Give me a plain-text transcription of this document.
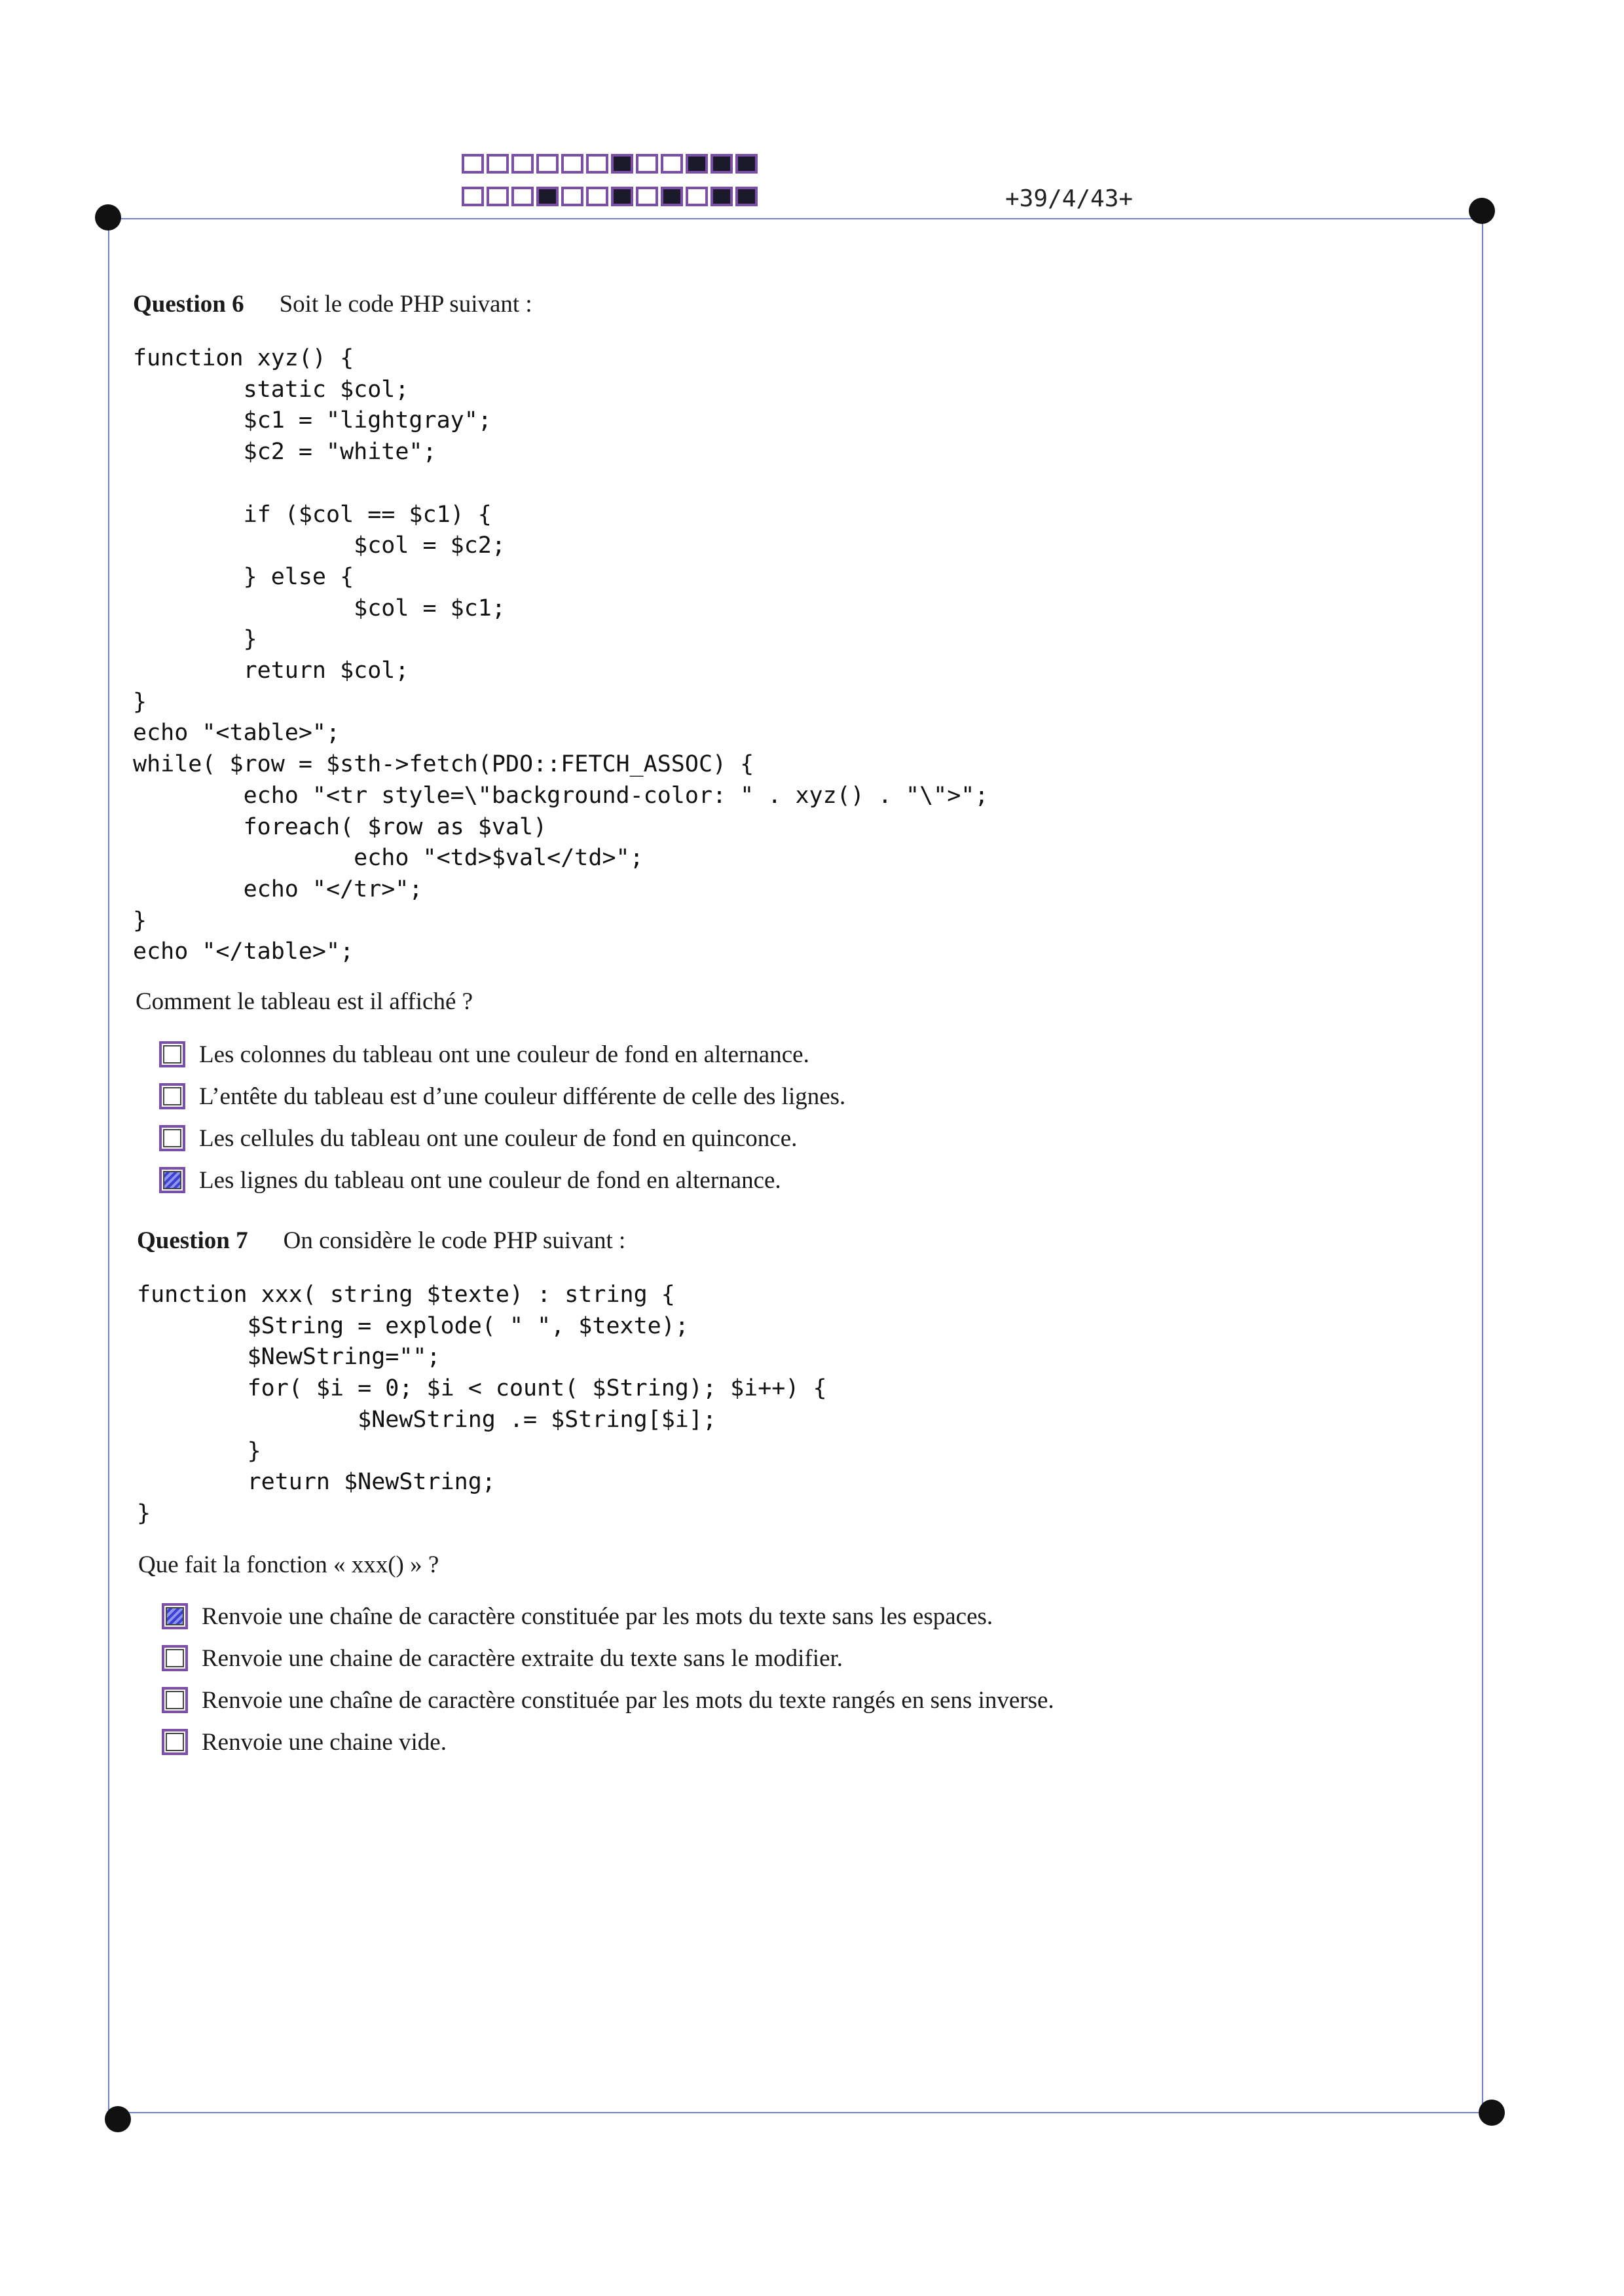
+39/4/43+
Question 6 Soit le code PHP suivant :
function xyz() {
static $col;
$c1 = "lightgray";
$c2 = "white";

if ($col == $c1) {
$col = $c2;
} else {
$col = $c1;
}
return $col;
}
echo "<table>";
while( $row = $sth->fetch(PDO::FETCH_ASSOC) {
echo "<tr style=\"background-color: " . xyz() . "\">";
foreach( $row as $val)
echo "<td>$val</td>";
echo "</tr>";
}
echo "</table>";
Comment le tableau est il affiché ?
Les colonnes du tableau ont une couleur de fond en alternance.
L’entête du tableau est d’une couleur différente de celle des lignes.
Les cellules du tableau ont une couleur de fond en quinconce.
Les lignes du tableau ont une couleur de fond en alternance.
Question 7 On considère le code PHP suivant :
function xxx( string $texte) : string {
$String = explode( " ", $texte);
$NewString="";
for( $i = 0; $i < count( $String); $i++) {
$NewString .= $String[$i];
}
return $NewString;
}
Que fait la fonction « xxx() » ?
Renvoie une chaîne de caractère constituée par les mots du texte sans les espaces.
Renvoie une chaine de caractère extraite du texte sans le modifier.
Renvoie une chaîne de caractère constituée par les mots du texte rangés en sens inverse.
Renvoie une chaine vide.
